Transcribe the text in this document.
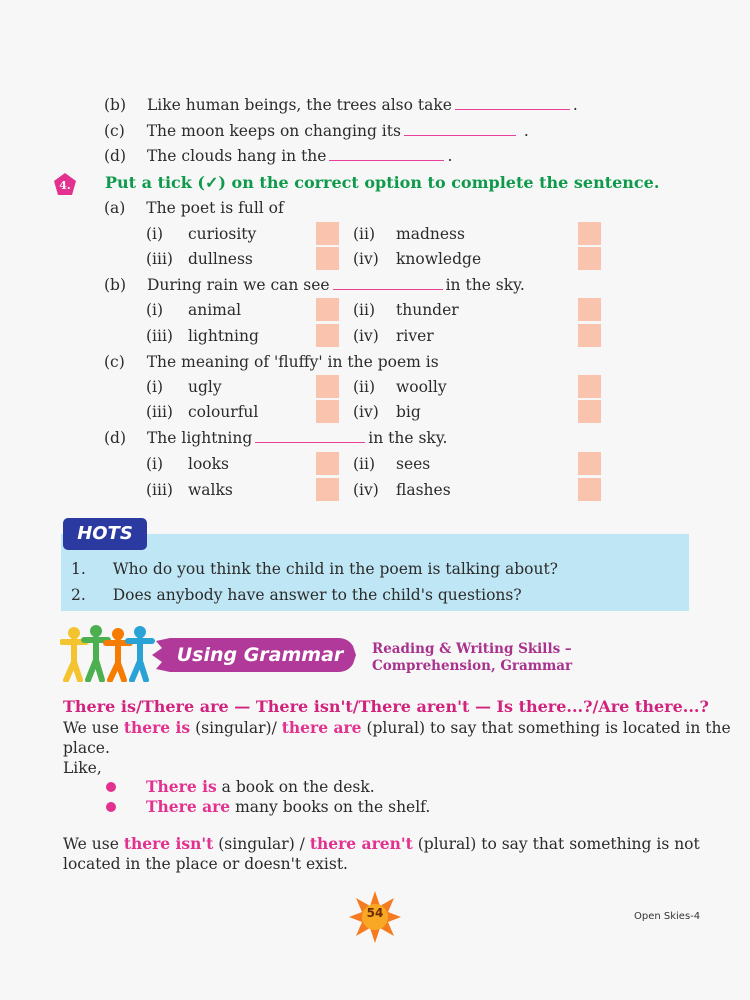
(b) Like human beings, the trees also take	.
(c) The moon keeps on changing its	.
(d) The clouds hang in the	.
4. Put a tick (✓) on the correct option to complete the sentence.
(a) The poet is full of
(i) curiosity	(ii) madness
(iii) dullness	(iv) knowledge
(b) During rain we can see	in the sky.
(i) animal	(ii) thunder
(iii) lightning	(iv) river
(c) The meaning of 'fluffy' in the poem is
(i) ugly	(ii) woolly
(iii) colourful	(iv) big
(d) The lightning	in the sky.
(i) looks	(ii) sees
(iii) walks	(iv) flashes
HOTS
1. Who do you think the child in the poem is talking about?
2. Does anybody have answer to the child's questions?
Using Grammar	Reading & Writing Skills –
Comprehension, Grammar
There is/There are — There isn't/There aren't — Is there...?/Are there...?
We use there is (singular)/ there are (plural) to say that something is located in the
place.
Like,
There is a book on the desk.
There are many books on the shelf.
We use there isn't (singular) / there aren't (plural) to say that something is not
located in the place or doesn't exist.
54	Open Skies-4
